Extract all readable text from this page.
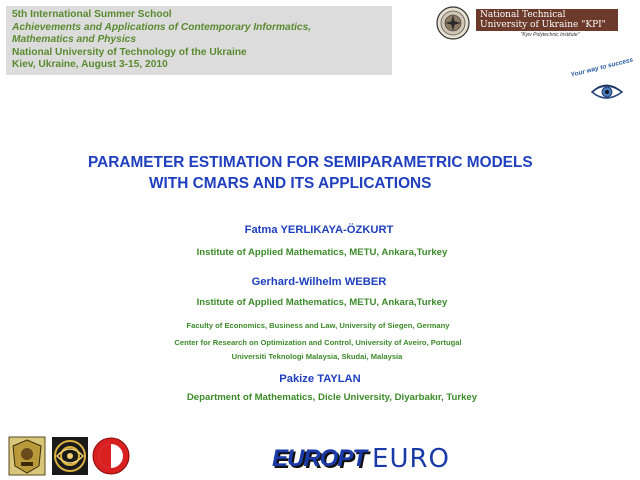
5th International Summer School
Achievements and Applications of Contemporary Informatics,
Mathematics and Physics
National University of Technology of the Ukraine
Kiev, Ukraine, August 3-15, 2010
National Technical
University of Ukraine "KPI"
"Kyiv Polytechnic Institute"
Your way to success
PARAMETER ESTIMATION FOR SEMIPARAMETRIC MODELS
WITH CMARS AND ITS APPLICATIONS
Fatma YERLIKAYA-ÖZKURT
Institute of Applied Mathematics, METU, Ankara,Turkey
Gerhard-Wilhelm WEBER
Institute of Applied Mathematics, METU, Ankara,Turkey
Faculty of Economics, Business and Law, University of Siegen, Germany
Center for Research on Optimization and Control, University of Aveiro, Portugal
Universiti Teknologi Malaysia, Skudai, Malaysia
Pakize TAYLAN
Department of Mathematics, Dicle University, Diyarbakır, Turkey
EUROPT EURO
